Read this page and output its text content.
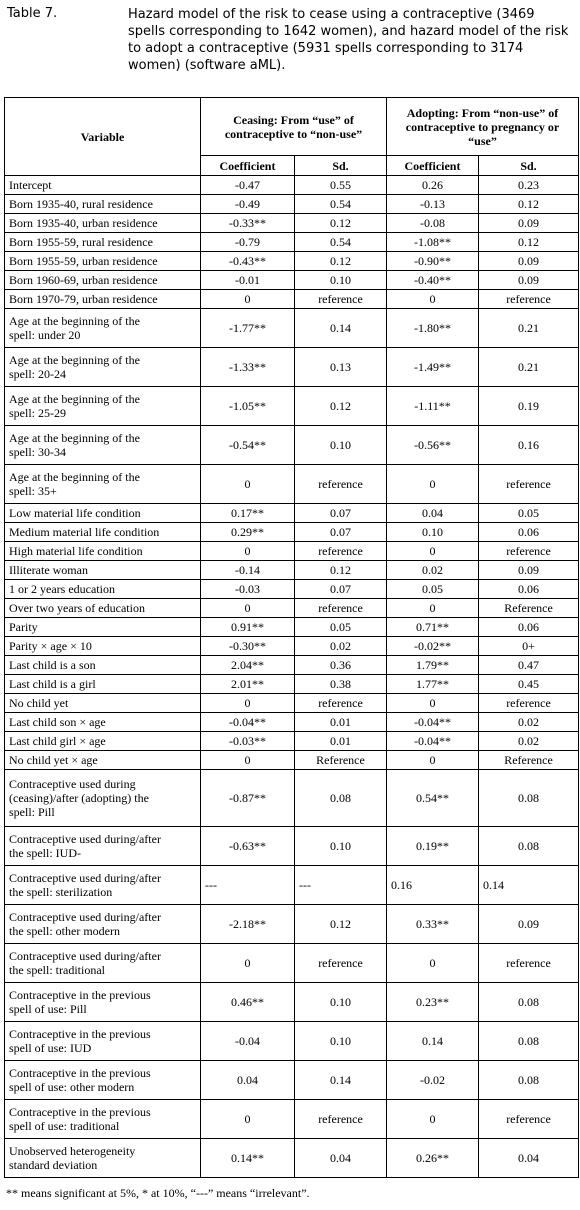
Table 7.	Hazard model of the risk to cease using a contraceptive (3469 spells corresponding to 1642 women), and hazard model of the risk to adopt a contraceptive (5931 spells corresponding to 3174 women) (software aML).
Variable	Ceasing: From “use” of contraceptive to “non-use”		Adopting: From “non-use” of contraceptive to pregnancy or “use”	
	Coefficient	Sd.	Coefficient	Sd.

Intercept	-0.47	0.55	0.26	0.23

Born 1935-40, rural residence	-0.49	0.54	-0.13	0.12

Born 1935-40, urban residence	-0.33**	0.12	-0.08	0.09

Born 1955-59, rural residence	-0.79	0.54	-1.08**	0.12

Born 1955-59, urban residence	-0.43**	0.12	-0.90**	0.09

Born 1960-69, urban residence	-0.01	0.10	-0.40**	0.09

Born 1970-79, urban residence	0	reference	0	reference

Age at the beginning of the
spell: under 20	-1.77**	0.14	-1.80**	0.21

Age at the beginning of the
spell: 20-24	-1.33**	0.13	-1.49**	0.21

Age at the beginning of the
spell: 25-29	-1.05**	0.12	-1.11**	0.19

Age at the beginning of the
spell: 30-34	-0.54**	0.10	-0.56**	0.16

Age at the beginning of the
spell: 35+	0	reference	0	reference

Low material life condition	0.17**	0.07	0.04	0.05

Medium material life condition	0.29**	0.07	0.10	0.06

High material life condition	0	reference	0	reference

Illiterate woman	-0.14	0.12	0.02	0.09

1 or 2 years education	-0.03	0.07	0.05	0.06

Over two years of education	0	reference	0	Reference

Parity	0.91**	0.05	0.71**	0.06

Parity × age × 10	-0.30**	0.02	-0.02**	0+

Last child is a son	2.04**	0.36	1.79**	0.47

Last child is a girl	2.01**	0.38	1.77**	0.45

No child yet	0	reference	0	reference

Last child son × age	-0.04**	0.01	-0.04**	0.02

Last child girl × age	-0.03**	0.01	-0.04**	0.02

No child yet × age	0	Reference	0	Reference

Contraceptive used during
(ceasing)/after (adopting) the
spell: Pill	-0.87**	0.08	0.54**	0.08

Contraceptive used during/after
the spell: IUD-	-0.63**	0.10	0.19**	0.08

Contraceptive used during/after
the spell: sterilization	---	---	0.16	0.14

Contraceptive used during/after
the spell: other modern	-2.18**	0.12	0.33**	0.09

Contraceptive used during/after
the spell: traditional	0	reference	0	reference

Contraceptive in the previous
spell of use: Pill	0.46**	0.10	0.23**	0.08

Contraceptive in the previous
spell of use: IUD	-0.04	0.10	0.14	0.08

Contraceptive in the previous
spell of use: other modern	0.04	0.14	-0.02	0.08

Contraceptive in the previous
spell of use: traditional	0	reference	0	reference

Unobserved heterogeneity
standard deviation	0.14**	0.04	0.26**	0.04
** means significant at 5%, * at 10%, “---” means “irrelevant”.
